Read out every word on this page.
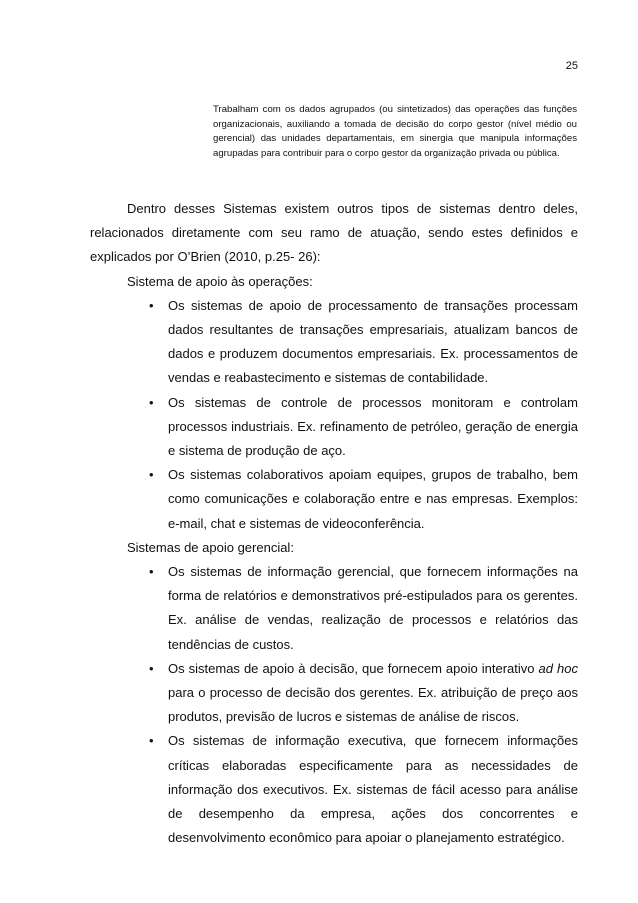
25
Trabalham com os dados agrupados (ou sintetizados) das operações das funções organizacionais, auxiliando a tomada de decisão do corpo gestor (nível médio ou gerencial) das unidades departamentais, em sinergia que manipula informações agrupadas para contribuir para o corpo gestor da organização privada ou pública.

Dentro desses Sistemas existem outros tipos de sistemas dentro deles, relacionados diretamente com seu ramo de atuação, sendo estes definidos e explicados por O’Brien (2010, p.25- 26):

Sistema de apoio às operações:

• Os sistemas de apoio de processamento de transações processam dados resultantes de transações empresariais, atualizam bancos de dados e produzem documentos empresariais. Ex. processamentos de vendas e reabastecimento e sistemas de contabilidade.
• Os sistemas de controle de processos monitoram e controlam processos industriais. Ex. refinamento de petróleo, geração de energia e sistema de produção de aço.
• Os sistemas colaborativos apoiam equipes, grupos de trabalho, bem como comunicações e colaboração entre e nas empresas. Exemplos: e-mail, chat e sistemas de videoconferência.

Sistemas de apoio gerencial:

• Os sistemas de informação gerencial, que fornecem informações na forma de relatórios e demonstrativos pré-estipulados para os gerentes. Ex. análise de vendas, realização de processos e relatórios das tendências de custos.
• Os sistemas de apoio à decisão, que fornecem apoio interativo ad hoc para o processo de decisão dos gerentes. Ex. atribuição de preço aos produtos, previsão de lucros e sistemas de análise de riscos.
• Os sistemas de informação executiva, que fornecem informações críticas elaboradas especificamente para as necessidades de informação dos executivos. Ex. sistemas de fácil acesso para análise de desempenho da empresa, ações dos concorrentes e desenvolvimento econômico para apoiar o planejamento estratégico.
